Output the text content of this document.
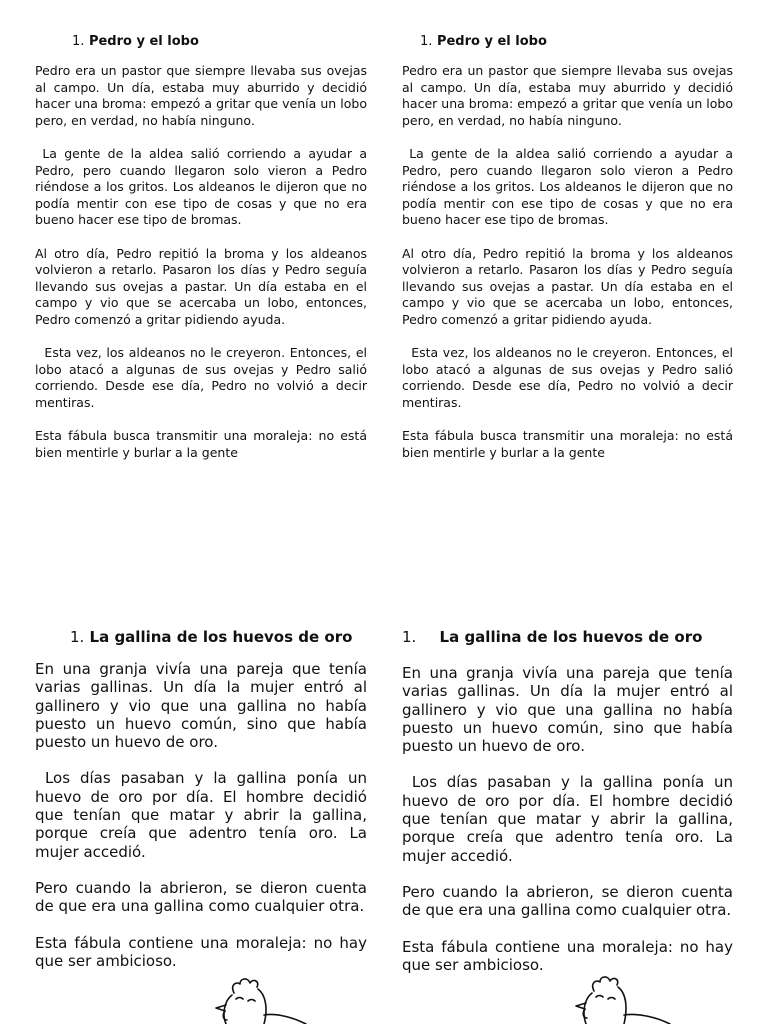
1. Pedro y el lobo

Pedro era un pastor que siempre llevaba sus ovejas al campo. Un día, estaba muy aburrido y decidió hacer una broma: empezó a gritar que venía un lobo pero, en verdad, no había ninguno.

La gente de la aldea salió corriendo a ayudar a Pedro, pero cuando llegaron solo vieron a Pedro riéndose a los gritos. Los aldeanos le dijeron que no podía mentir con ese tipo de cosas y que no era bueno hacer ese tipo de bromas.

Al otro día, Pedro repitió la broma y los aldeanos volvieron a retarlo. Pasaron los días y Pedro seguía llevando sus ovejas a pastar. Un día estaba en el campo y vio que se acercaba un lobo, entonces, Pedro comenzó a gritar pidiendo ayuda.

Esta vez, los aldeanos no le creyeron. Entonces, el lobo atacó a algunas de sus ovejas y Pedro salió corriendo. Desde ese día, Pedro no volvió a decir mentiras.

Esta fábula busca transmitir una moraleja: no está bien mentirle y burlar a la gente

1. Pedro y el lobo

Pedro era un pastor que siempre llevaba sus ovejas al campo. Un día, estaba muy aburrido y decidió hacer una broma: empezó a gritar que venía un lobo pero, en verdad, no había ninguno.

La gente de la aldea salió corriendo a ayudar a Pedro, pero cuando llegaron solo vieron a Pedro riéndose a los gritos. Los aldeanos le dijeron que no podía mentir con ese tipo de cosas y que no era bueno hacer ese tipo de bromas.

Al otro día, Pedro repitió la broma y los aldeanos volvieron a retarlo. Pasaron los días y Pedro seguía llevando sus ovejas a pastar. Un día estaba en el campo y vio que se acercaba un lobo, entonces, Pedro comenzó a gritar pidiendo ayuda.

Esta vez, los aldeanos no le creyeron. Entonces, el lobo atacó a algunas de sus ovejas y Pedro salió corriendo. Desde ese día, Pedro no volvió a decir mentiras.

Esta fábula busca transmitir una moraleja: no está bien mentirle y burlar a la gente

1. La gallina de los huevos de oro

En una granja vivía una pareja que tenía varias gallinas. Un día la mujer entró al gallinero y vio que una gallina no había puesto un huevo común, sino que había puesto un huevo de oro.

Los días pasaban y la gallina ponía un huevo de oro por día. El hombre decidió que tenían que matar y abrir la gallina, porque creía que adentro tenía oro. La mujer accedió.

Pero cuando la abrieron, se dieron cuenta de que era una gallina como cualquier otra.

Esta fábula contiene una moraleja: no hay que ser ambicioso.

1. La gallina de los huevos de oro

En una granja vivía una pareja que tenía varias gallinas. Un día la mujer entró al gallinero y vio que una gallina no había puesto un huevo común, sino que había puesto un huevo de oro.

Los días pasaban y la gallina ponía un huevo de oro por día. El hombre decidió que tenían que matar y abrir la gallina, porque creía que adentro tenía oro. La mujer accedió.

Pero cuando la abrieron, se dieron cuenta de que era una gallina como cualquier otra.

Esta fábula contiene una moraleja: no hay que ser ambicioso.
